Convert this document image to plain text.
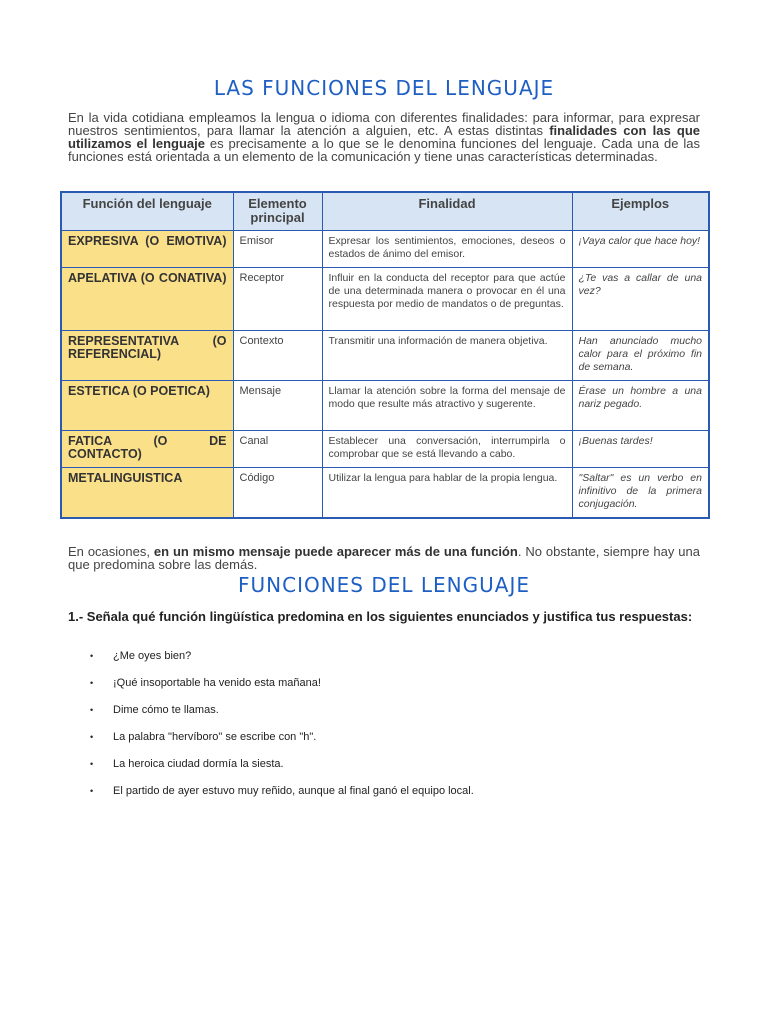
LAS FUNCIONES DEL LENGUAJE
En la vida cotidiana empleamos la lengua o idioma con diferentes finalidades: para informar, para expresar nuestros sentimientos, para llamar la atención a alguien, etc. A estas distintas finalidades con las que utilizamos el lenguaje es precisamente a lo que se le denomina funciones del lenguaje. Cada una de las funciones está orientada a un elemento de la comunicación y tiene unas características determinadas.
Función del lenguaje	Elemento principal	Finalidad	Ejemplos

EXPRESIVA (O EMOTIVA)	Emisor	Expresar los sentimientos, emociones, deseos o estados de ánimo del emisor.	¡Vaya calor que hace hoy!

APELATIVA (O CONATIVA)	Receptor	Influir en la conducta del receptor para que actúe de una determinada manera o provocar en él una respuesta por medio de mandatos o de preguntas.	¿Te vas a callar de una vez?

REPRESENTATIVA (O REFERENCIAL)	Contexto	Transmitir una información de manera objetiva.	Han anunciado mucho calor para el próximo fin de semana.
ESTETICA (O POETICA)	Mensaje	Llamar la atención sobre la forma del mensaje de modo que resulte más atractivo y sugerente.	Érase un hombre a una nariz pegado.

FATICA (O DE CONTACTO)	Canal	Establecer una conversación, interrumpirla o comprobar que se está llevando a cabo.	¡Buenas tardes!
METALINGUISTICA	Código	Utilizar la lengua para hablar de la propia lengua.	"Saltar" es un verbo en infinitivo de la primera conjugación.
En ocasiones, en un mismo mensaje puede aparecer más de una función. No obstante, siempre hay una que predomina sobre las demás.
FUNCIONES DEL LENGUAJE
1.- Señala qué función lingüística predomina en los siguientes enunciados y justifica tus respuestas:
• ¿Me oyes bien?
• ¡Qué insoportable ha venido esta mañana!
• Dime cómo te llamas.
• La palabra "hervíboro" se escribe con "h".
• La heroica ciudad dormía la siesta.
• El partido de ayer estuvo muy reñido, aunque al final ganó el equipo local.
